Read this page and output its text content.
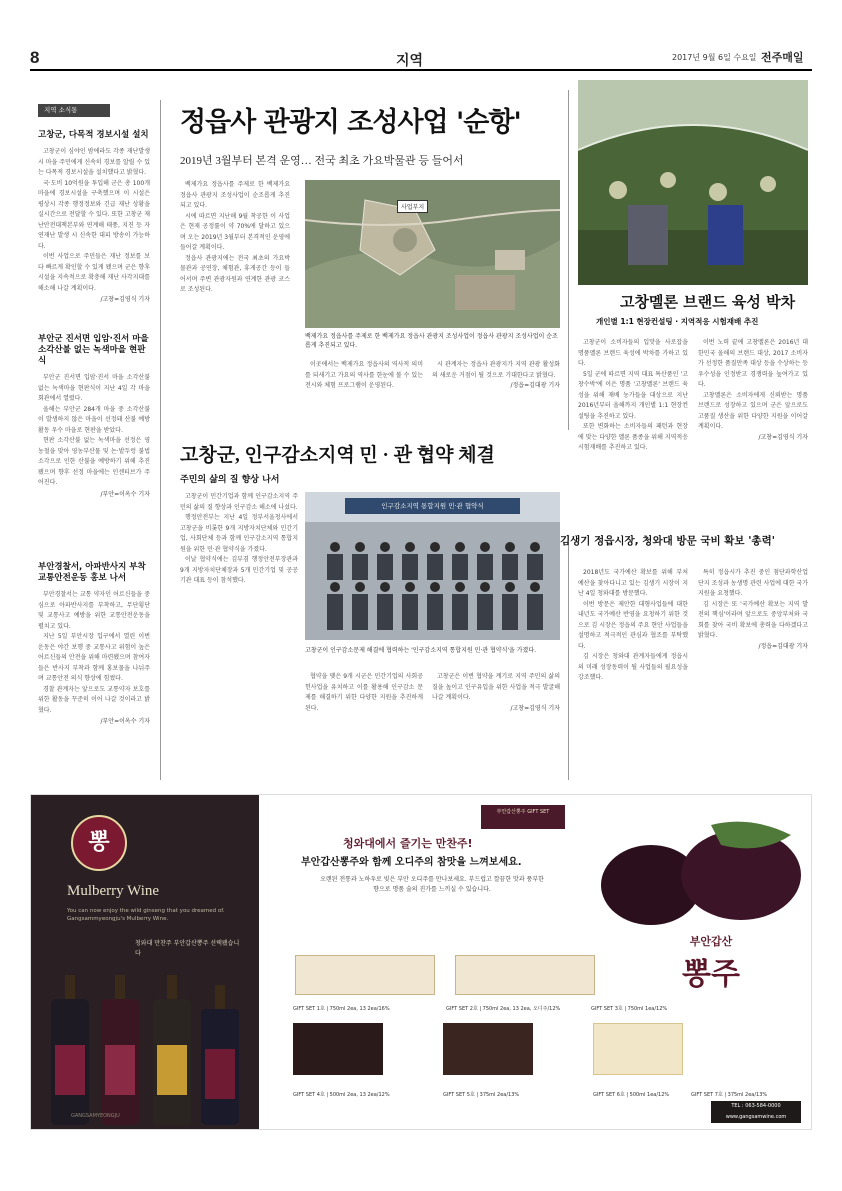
8	지역	2017년 9월 6일 수요일 전주매일
지역 소식통
고창군, 다목적 경보시설 설치
고창군이 심야인 밤에라도 각종 재난발생 시 마을 주민에게 신속히 경보를 알릴 수 있는 다목적 경보시설을 설치했다고 밝혔다.
국·도비 10억원을 투입해 군은 총 100개 마을에 경보시설을 구축했으며 이 시설은 평상시 각종 행정정보와 긴급 재난 상황을 실시간으로 전달할 수 있다. 또한 고창군 재난안전대책본부와 연계해 태풍, 지진 등 자연재난 발생 시 신속한 대피 방송이 가능하다.
이번 사업으로 주민들은 재난 정보를 보다 빠르게 확인할 수 있게 됐으며 군은 향후 시설을 지속적으로 확충해 재난 사각지대를 해소해 나갈 계획이다.
/고창=김영식 기자
부안군 진서면 입암·진서 마을 소각산불 없는 녹색마을 현판식
부안군 진서면 입암·진서 마을 소각산불 없는 녹색마을 현판식이 지난 4일 각 마을회관에서 열렸다.
올해는 부안군 284개 마을 중 소각산불이 발생하지 않은 마을이 선정돼 산불 예방 활동 우수 마을로 현판을 받았다.
현판 소각산불 없는 녹색마을 선정은 영농철을 맞아 영농부산물 및 논·밭두렁 불법 소각으로 인한 산불을 예방하기 위해 추진됐으며 향후 선정 마을에는 인센티브가 주어진다.
/부안=이옥수 기자
부안경찰서, 아파반사지 부착 교통안전운동 홍보 나서
부안경찰서는 교통 약자인 어르신들을 중심으로 아파반사지를 부착하고, 무단횡단 및 교통사고 예방을 위한 교통안전운동을 펼치고 있다.
지난 5일 부안시장 입구에서 열린 이번 운동은 야간 보행 중 교통사고 위험이 높은 어르신들의 안전을 위해 마련됐으며 참여자들은 반사지 부착과 함께 홍보물을 나눠주며 교통안전 의식 향상에 힘썼다.
경찰 관계자는 앞으로도 교통약자 보호를 위한 활동을 꾸준히 이어 나갈 것이라고 밝혔다.
/부안=이옥수 기자
정읍사 관광지 조성사업 '순항'
2019년 3월부터 본격 운영… 전국 최초 가요박물관 등 들어서
백제가요 정읍사를 주제로 한 백제가요 정읍사 관광지 조성사업이 순조롭게 추진되고 있다.
시에 따르면 지난해 9월 착공한 이 사업은 현재 공정률이 약 70%에 달하고 있으며 오는 2019년 3월부터 본격적인 운영에 들어갈 계획이다.
정읍사 관광지에는 전국 최초의 가요박물관과 공연장, 체험관, 휴게공간 등이 들어서며 주변 관광자원과 연계한 관광 코스로 조성된다.
사업부지
백제가요 정읍사를 주제로 한 백제가요 정읍사 관광지 조성사업이 정읍사 관광지 조성사업이 순조롭게 추진되고 있다.
이곳에서는 백제가요 정읍사의 역사적 의미를 되새기고 가요의 역사를 한눈에 볼 수 있는 전시와 체험 프로그램이 운영된다.
시 관계자는 정읍사 관광지가 지역 관광 활성화의 새로운 거점이 될 것으로 기대한다고 밝혔다.
/정읍=김대광 기자
고창멜론 브랜드 육성 박차
개인별 1:1 현장컨설팅 · 지역적응 시험재배 추진
고창군이 소비자들의 입맛을 사로잡을 명품멜론 브랜드 육성에 박차를 가하고 있다.
5일 군에 따르면 지역 대표 특산품인 '고창수박'에 이은 명품 '고창멜론' 브랜드 육성을 위해 재배 농가들을 대상으로 지난 2016년부터 올해까지 개인별 1:1 현장컨설팅을 추진하고 있다.
또한 변화하는 소비자들의 패턴과 현장에 맞는 다양한 멜론 품종을 위해 지역적응 시험재배를 추진하고 있다.
이번 노력 끝에 고창멜론은 2016년 대한민국 올해의 브랜드 대상, 2017 소비자가 선정한 품질만족 대상 등을 수상하는 등 우수성을 인정받고 경쟁력을 높여가고 있다.
고창멜론은 소비자에게 신뢰받는 명품 브랜드로 성장하고 있으며 군은 앞으로도 고품질 생산을 위한 다양한 지원을 이어갈 계획이다.
/고창=김영식 기자
고창군, 인구감소지역 민 · 관 협약 체결
주민의 삶의 질 향상 나서
고창군이 민간기업과 함께 인구감소지역 주민의 삶의 질 향상과 인구감소 해소에 나섰다.
행정안전부는 지난 4일 정부서울청사에서 고창군을 비롯한 9개 지방자치단체와 민간기업, 사회단체 등과 함께 인구감소지역 통합지원을 위한 민·관 협약식을 가졌다.
이날 협약식에는 김부겸 행정안전부장관과 9개 지방자치단체장과 5개 민간기업 및 공공기관 대표 등이 참석했다.
인구감소지역 통합지원 민·관 협약식
고창군이 인구감소문제 해결에 협력하는 '인구감소지역 통합지원 민·관 협약식'을 가졌다.
협약을 맺은 9개 시군은 민간기업의 사회공헌사업을 유치하고 이를 활용해 인구감소 문제를 해결하기 위한 다양한 지원을 추진하게 된다.
고창군은 이번 협약을 계기로 지역 주민의 삶의 질을 높이고 인구유입을 위한 사업을 적극 발굴해 나갈 계획이다.
/고창=김영식 기자
김생기 정읍시장, 청와대 방문 국비 확보 '총력'
2018년도 국가예산 확보를 위해 부처 예산을 찾아다니고 있는 김생기 시장이 지난 4일 청와대를 방문했다.
이번 방문은 제안한 대형사업들에 대한 내년도 국가예산 반영을 요청하기 위한 것으로 김 시장은 정읍의 주요 현안 사업들을 설명하고 적극적인 관심과 협조를 부탁했다.
김 시장은 청와대 관계자들에게 정읍시의 미래 성장동력이 될 사업들의 필요성을 강조했다.
특히 정읍시가 추진 중인 첨단과학산업단지 조성과 농생명 관련 사업에 대한 국가 지원을 요청했다.
김 시장은 또 '국가예산 확보는 지역 발전의 핵심'이라며 앞으로도 중앙부처와 국회를 찾아 국비 확보에 총력을 다하겠다고 밝혔다.
/정읍=김대광 기자
뽕
Mulberry Wine
You can now enjoy the wild ginseng that you dreamed of. Gangsammyeongju's Mulberry Wine.
청와대 만찬주 부안갑산뽕주 선택됐습니다
GANGSAMYEONGJU
부안갑산뽕주 GIFT SET
청와대에서 즐기는 만찬주!
부안갑산뽕주와 함께 오디주의 참맛을 느껴보세요.
오랜된 전통과 노하우로 빚은 부안 오디주를 만나보세요. 부드럽고 깔끔한 맛과 풍부한 향으로 명품 술의 진가를 느끼실 수 있습니다.
부안갑산
뽕주
GIFT SET 1호 | 750ml 2ea, 13 2ea/16%	GIFT SET 2호 | 750ml 2ea, 13 2ea, 오디주/12%	GIFT SET 3호 | 750ml 1ea/12%
GIFT SET 4호 | 500ml 2ea, 13 2ea/12%	GIFT SET 5호 | 375ml 2ea/13%	GIFT SET 6호 | 500ml 1ea/12%	GIFT SET 7호 | 375ml 2ea/13%
TEL : 063-584-0000
www.gangsamwine.com
